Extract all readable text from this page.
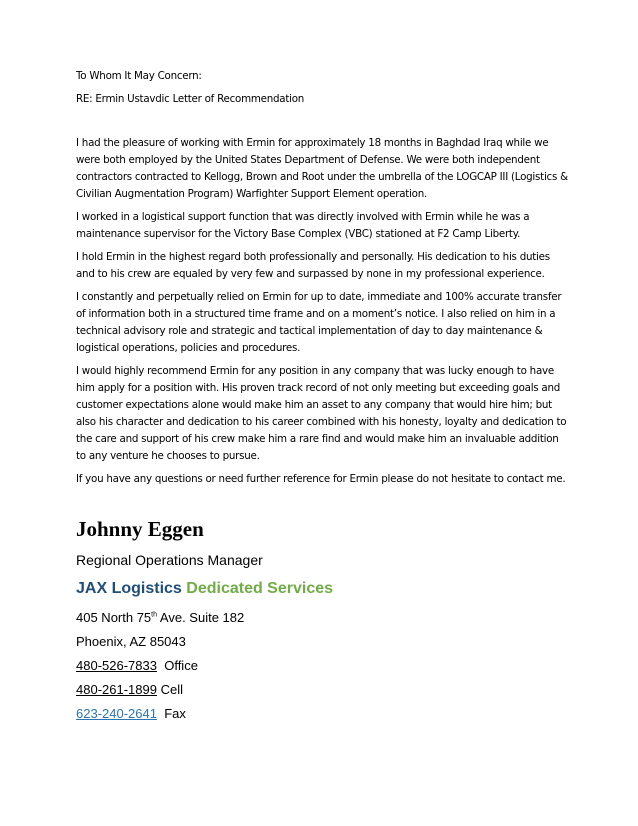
To Whom It May Concern:

RE: Ermin Ustavdic Letter of Recommendation

I had the pleasure of working with Ermin for approximately 18 months in Baghdad Iraq while we were both employed by the United States Department of Defense. We were both independent contractors contracted to Kellogg, Brown and Root under the umbrella of the LOGCAP III (Logistics & Civilian Augmentation Program) Warfighter Support Element operation.

I worked in a logistical support function that was directly involved with Ermin while he was a maintenance supervisor for the Victory Base Complex (VBC) stationed at F2 Camp Liberty.

I hold Ermin in the highest regard both professionally and personally. His dedication to his duties and to his crew are equaled by very few and surpassed by none in my professional experience.

I constantly and perpetually relied on Ermin for up to date, immediate and 100% accurate transfer of information both in a structured time frame and on a moment’s notice. I also relied on him in a technical advisory role and strategic and tactical implementation of day to day maintenance & logistical operations, policies and procedures.

I would highly recommend Ermin for any position in any company that was lucky enough to have him apply for a position with. His proven track record of not only meeting but exceeding goals and customer expectations alone would make him an asset to any company that would hire him; but also his character and dedication to his career combined with his honesty, loyalty and dedication to the care and support of his crew make him a rare find and would make him an invaluable addition to any venture he chooses to pursue.

If you have any questions or need further reference for Ermin please do not hesitate to contact me.

Johnny Eggen
Regional Operations Manager
JAX Logistics Dedicated Services
405 North 75th Ave. Suite 182
Phoenix, AZ 85043
480-526-7833 Office
480-261-1899 Cell
623-240-2641 Fax
